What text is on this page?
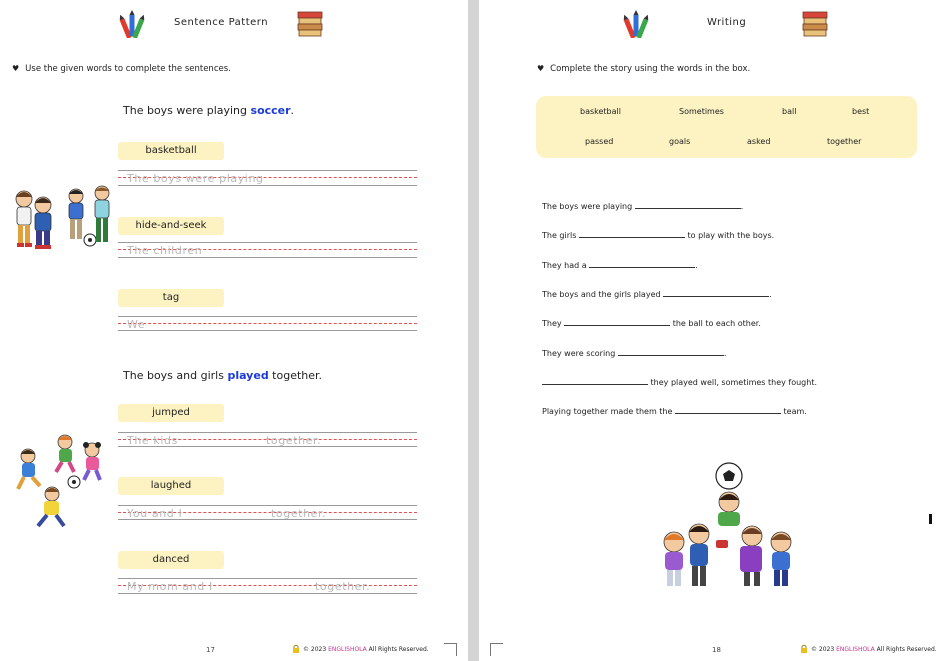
Sentence Pattern
♥ Use the given words to complete the sentences.
The boys were playing soccer.
basketball
The boys were playing
hide-and-seek
The children
tag
We
The boys and girls played together.
jumped
The kids	together.
laughed
You and I	together.
danced
My mom and I	together.
17	© 2023 ENGLISHOLA All Rights Reserved.
Writing
♥ Complete the story using the words in the box.
basketball	Sometimes	ball	best
passed	goals	asked	together
The boys were playing	.
The girls	to play with the boys.
They had a	.
The boys and the girls played	.
They	the ball to each other.
They were scoring	.
they played well, sometimes they fought.
Playing together made them the	team.
18	© 2023 ENGLISHOLA All Rights Reserved.
